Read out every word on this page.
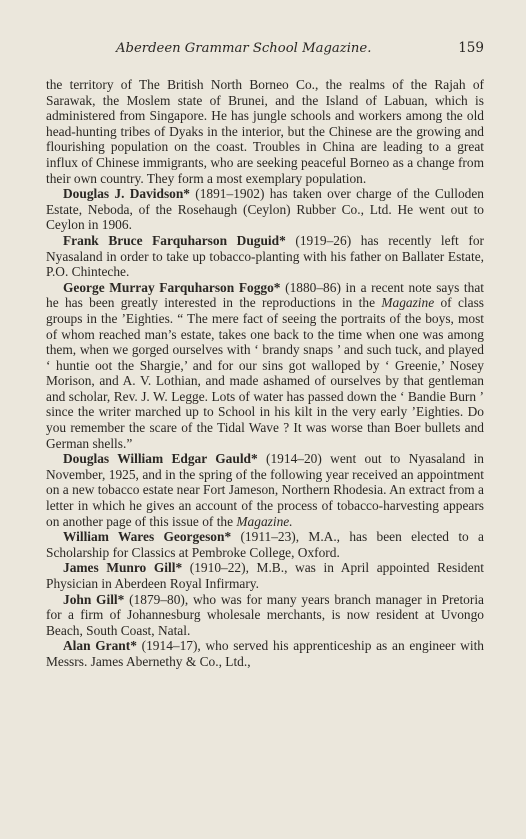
Aberdeen Grammar School Magazine.	159

the territory of The British North Borneo Co., the realms of the Rajah of Sarawak, the Moslem state of Brunei, and the Island of Labuan, which is administered from Singapore. He has jungle schools and workers among the old head-hunting tribes of Dyaks in the interior, but the Chinese are the growing and flourishing population on the coast. Troubles in China are leading to a great influx of Chinese immigrants, who are seeking peaceful Borneo as a change from their own country. They form a most exemplary population.

Douglas J. Davidson* (1891–1902) has taken over charge of the Culloden Estate, Neboda, of the Rosehaugh (Ceylon) Rubber Co., Ltd. He went out to Ceylon in 1906.

Frank Bruce Farquharson Duguid* (1919–26) has recently left for Nyasaland in order to take up tobacco-planting with his father on Ballater Estate, P.O. Chinteche.

George Murray Farquharson Foggo* (1880–86) in a recent note says that he has been greatly interested in the reproductions in the Magazine of class groups in the ’Eighties. “ The mere fact of seeing the portraits of the boys, most of whom reached man’s estate, takes one back to the time when one was among them, when we gorged ourselves with ‘ brandy snaps ’ and such tuck, and played ‘ huntie oot the Shargie,’ and for our sins got walloped by ‘ Greenie,’ Nosey Morison, and A. V. Lothian, and made ashamed of ourselves by that gentleman and scholar, Rev. J. W. Legge. Lots of water has passed down the ‘ Bandie Burn ’ since the writer marched up to School in his kilt in the very early ’Eighties. Do you remember the scare of the Tidal Wave ? It was worse than Boer bullets and German shells.”

Douglas William Edgar Gauld* (1914–20) went out to Nyasaland in November, 1925, and in the spring of the following year received an appointment on a new tobacco estate near Fort Jameson, Northern Rhodesia. An extract from a letter in which he gives an account of the process of tobacco-harvesting appears on another page of this issue of the Magazine.

William Wares Georgeson* (1911–23), M.A., has been elected to a Scholarship for Classics at Pembroke College, Oxford.

James Munro Gill* (1910–22), M.B., was in April appointed Resident Physician in Aberdeen Royal Infirmary.

John Gill* (1879–80), who was for many years branch manager in Pretoria for a firm of Johannesburg wholesale merchants, is now resident at Uvongo Beach, South Coast, Natal.

Alan Grant* (1914–17), who served his apprenticeship as an engineer with Messrs. James Abernethy & Co., Ltd.,
